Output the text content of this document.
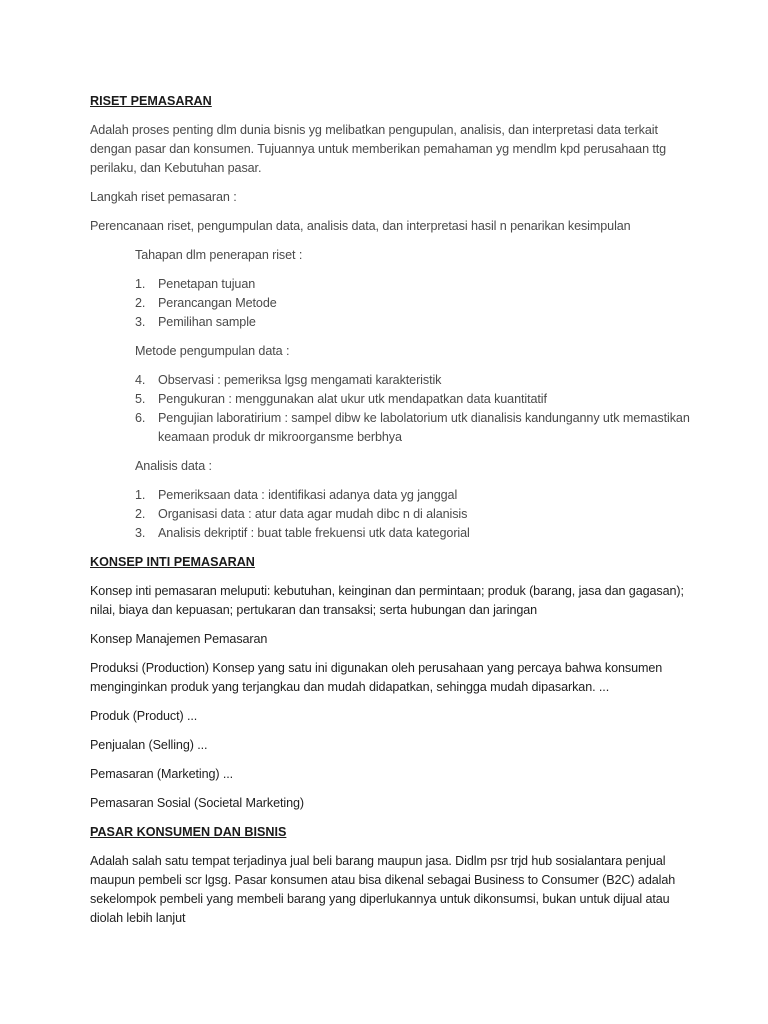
RISET PEMASARAN

Adalah proses penting dlm dunia bisnis yg melibatkan pengupulan, analisis, dan interpretasi data terkait dengan pasar dan konsumen. Tujuannya untuk memberikan pemahaman yg mendlm kpd perusahaan ttg perilaku, dan Kebutuhan pasar.

Langkah riset pemasaran :

Perencanaan riset, pengumpulan data, analisis data, dan interpretasi hasil n penarikan kesimpulan

Tahapan dlm penerapan riset :

1.	Penetapan tujuan
2.	Perancangan Metode
3.	Pemilihan sample

Metode pengumpulan data :

4.	Observasi : pemeriksa lgsg mengamati karakteristik
5.	Pengukuran : menggunakan alat ukur utk mendapatkan data kuantitatif
6.	Pengujian laboratirium : sampel dibw ke labolatorium utk dianalisis kandunganny utk memastikan keamaan produk dr mikroorgansme berbhya

Analisis data :

1.	Pemeriksaan data : identifikasi adanya data yg janggal
2.	Organisasi data : atur data agar mudah dibc n di alanisis
3.	Analisis dekriptif : buat table frekuensi utk data kategorial

KONSEP INTI PEMASARAN

Konsep inti pemasaran meluputi: kebutuhan, keinginan dan permintaan; produk (barang, jasa dan gagasan); nilai, biaya dan kepuasan; pertukaran dan transaksi; serta hubungan dan jaringan

Konsep Manajemen Pemasaran

Produksi (Production) Konsep yang satu ini digunakan oleh perusahaan yang percaya bahwa konsumen menginginkan produk yang terjangkau dan mudah didapatkan, sehingga mudah dipasarkan. ...

Produk (Product) ...

Penjualan (Selling) ...

Pemasaran (Marketing) ...

Pemasaran Sosial (Societal Marketing)

PASAR KONSUMEN DAN BISNIS

Adalah salah satu tempat terjadinya jual beli barang maupun jasa. Didlm psr trjd hub sosialantara penjual maupun pembeli scr lgsg. Pasar konsumen atau bisa dikenal sebagai Business to Consumer (B2C) adalah sekelompok pembeli yang membeli barang yang diperlukannya untuk dikonsumsi, bukan untuk dijual atau diolah lebih lanjut
